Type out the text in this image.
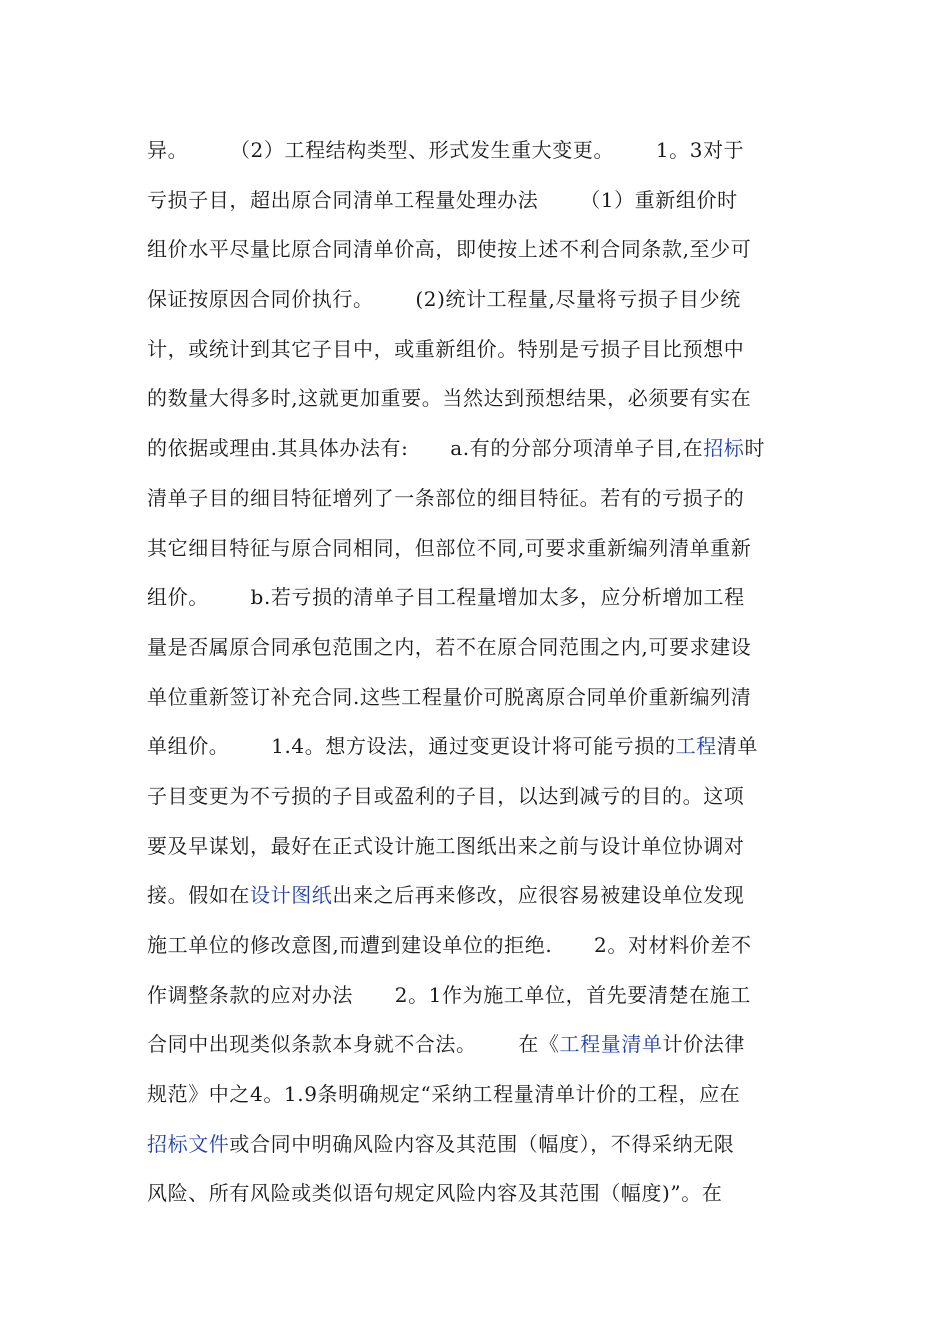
异。      （2）工程结构类型、形式发生重大变更。      1。3对于
亏损子目，超出原合同清单工程量处理办法      （1）重新组价时
组价水平尽量比原合同清单价高，即使按上述不利合同条款,至少可
保证按原因合同价执行。      (2)统计工程量,尽量将亏损子目少统
计，或统计到其它子目中，或重新组价。特别是亏损子目比预想中
的数量大得多时,这就更加重要。当然达到预想结果，必须要有实在
的依据或理由.其具体办法有:      a.有的分部分项清单子目,在招标时
清单子目的细目特征增列了一条部位的细目特征。若有的亏损子的
其它细目特征与原合同相同，但部位不同,可要求重新编列清单重新
组价。      b.若亏损的清单子目工程量增加太多，应分析增加工程
量是否属原合同承包范围之内，若不在原合同范围之内,可要求建设
单位重新签订补充合同.这些工程量价可脱离原合同单价重新编列清
单组价。      1.4。想方设法，通过变更设计将可能亏损的工程清单
子目变更为不亏损的子目或盈利的子目，以达到减亏的目的。这项
要及早谋划，最好在正式设计施工图纸出来之前与设计单位协调对
接。假如在设计图纸出来之后再来修改，应很容易被建设单位发现
施工单位的修改意图,而遭到建设单位的拒绝.      2。对材料价差不
作调整条款的应对办法      2。1作为施工单位，首先要清楚在施工
合同中出现类似条款本身就不合法。      在《工程量清单计价法律
规范》中之4。1.9条明确规定“采纳工程量清单计价的工程，应在
招标文件或合同中明确风险内容及其范围（幅度），不得采纳无限
风险、所有风险或类似语句规定风险内容及其范围（幅度)”。在
